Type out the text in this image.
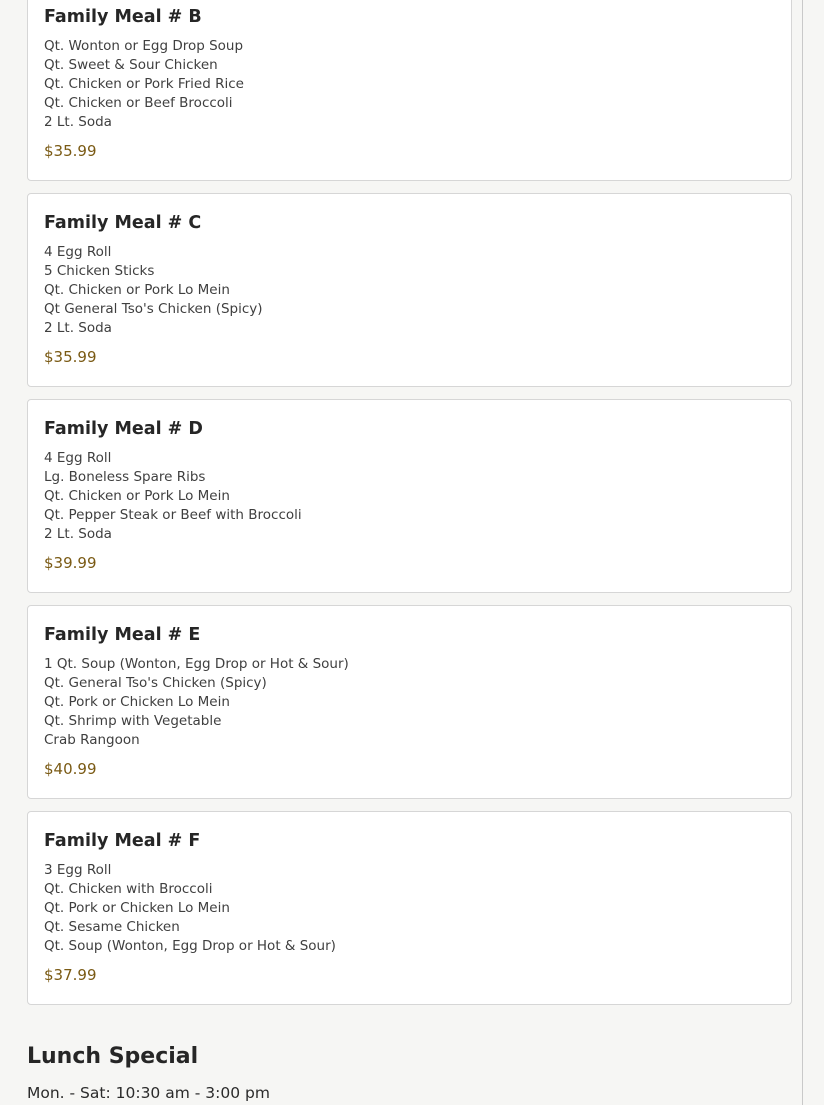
Family Meal # B
Qt. Wonton or Egg Drop Soup
Qt. Sweet & Sour Chicken
Qt. Chicken or Pork Fried Rice
Qt. Chicken or Beef Broccoli
2 Lt. Soda
$35.99
Family Meal # C
4 Egg Roll
5 Chicken Sticks
Qt. Chicken or Pork Lo Mein
Qt General Tso's Chicken (Spicy)
2 Lt. Soda
$35.99
Family Meal # D
4 Egg Roll
Lg. Boneless Spare Ribs
Qt. Chicken or Pork Lo Mein
Qt. Pepper Steak or Beef with Broccoli
2 Lt. Soda
$39.99
Family Meal # E
1 Qt. Soup (Wonton, Egg Drop or Hot & Sour)
Qt. General Tso's Chicken (Spicy)
Qt. Pork or Chicken Lo Mein
Qt. Shrimp with Vegetable
Crab Rangoon
$40.99
Family Meal # F
3 Egg Roll
Qt. Chicken with Broccoli
Qt. Pork or Chicken Lo Mein
Qt. Sesame Chicken
Qt. Soup (Wonton, Egg Drop or Hot & Sour)
$37.99
Lunch Special
Mon. - Sat: 10:30 am - 3:00 pm
